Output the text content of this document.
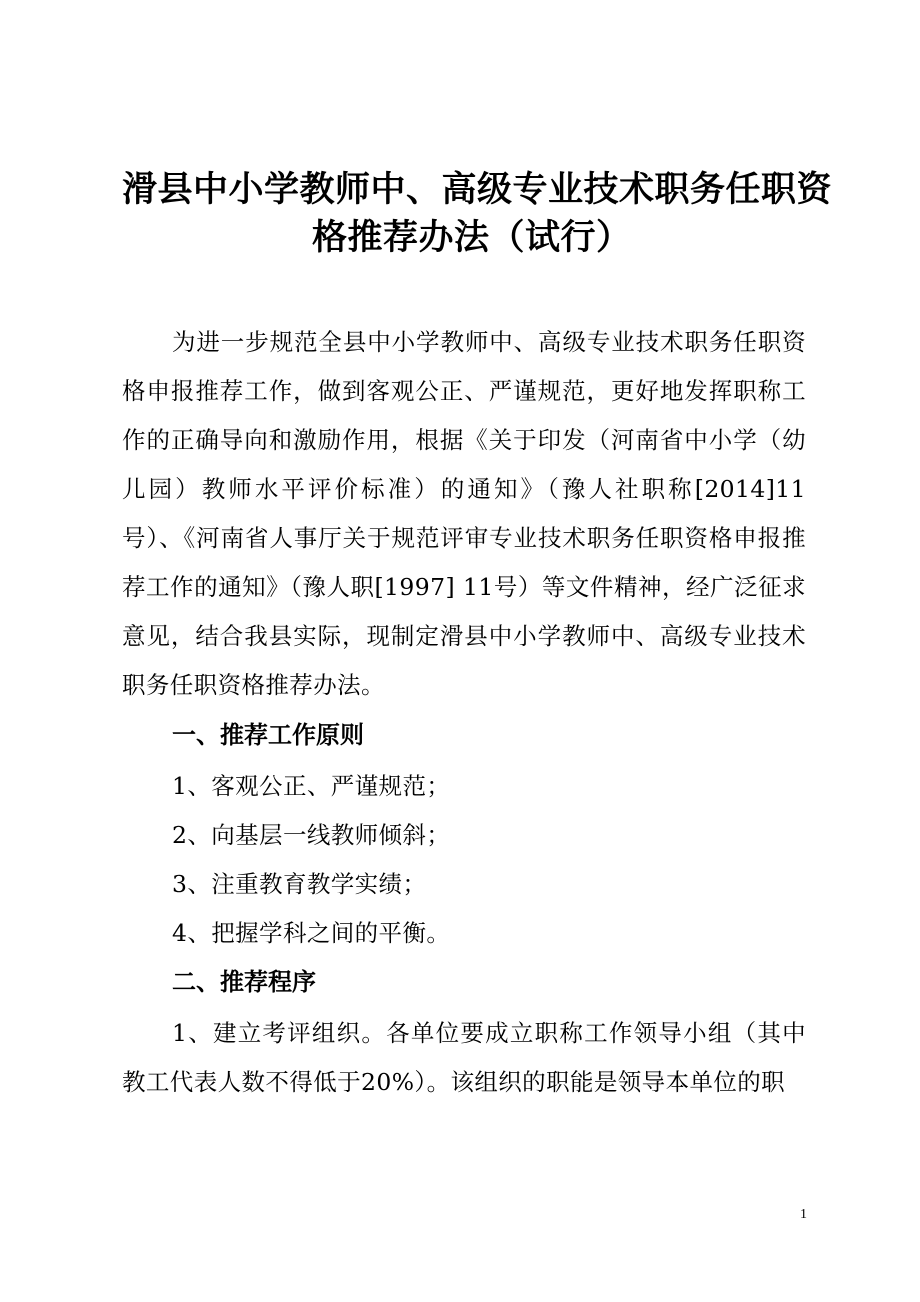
滑县中小学教师中、高级专业技术职务任职资
格推荐办法（试行）
为进一步规范全县中小学教师中、高级专业技术职务任职资格申报推荐工作，做到客观公正、严谨规范，更好地发挥职称工作的正确导向和激励作用，根据《关于印发（河南省中小学（幼儿园）教师水平评价标准）的通知》（豫人社职称[2014]11号）、《河南省人事厅关于规范评审专业技术职务任职资格申报推荐工作的通知》（豫人职[1997] 11号）等文件精神，经广泛征求意见，结合我县实际，现制定滑县中小学教师中、高级专业技术职务任职资格推荐办法。
一、推荐工作原则
1、客观公正、严谨规范；
2、向基层一线教师倾斜；
3、注重教育教学实绩；
4、把握学科之间的平衡。
二、推荐程序
1、建立考评组织。各单位要成立职称工作领导小组（其中教工代表人数不得低于20%）。该组织的职能是领导本单位的职
1
